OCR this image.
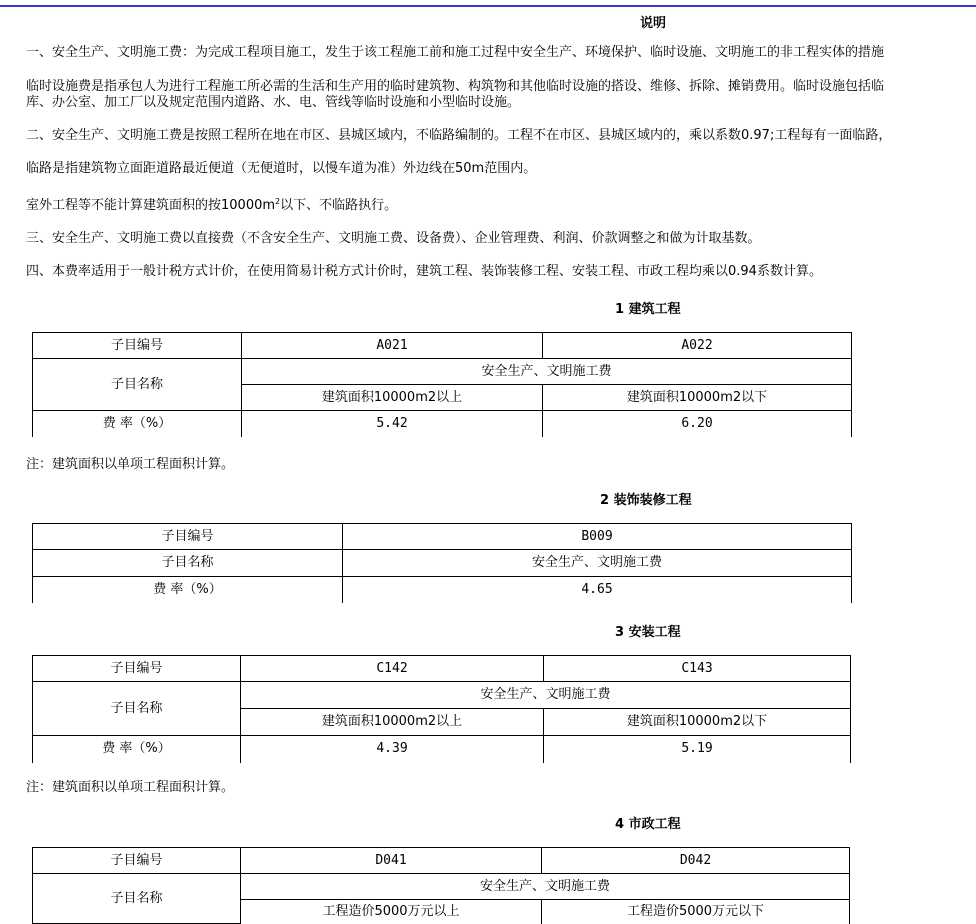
说明
一、安全生产、文明施工费：为完成工程项目施工，发生于该工程施工前和施工过程中安全生产、环境保护、临时设施、文明施工的非工程实体的措施
临时设施费是指承包人为进行工程施工所必需的生活和生产用的临时建筑物、构筑物和其他临时设施的搭设、维修、拆除、摊销费用。临时设施包括临
库、办公室、加工厂以及规定范围内道路、水、电、管线等临时设施和小型临时设施。
二、安全生产、文明施工费是按照工程所在地在市区、县城区域内，不临路编制的。工程不在市区、县城区域内的，乘以系数0.97;工程每有一面临路，
临路是指建筑物立面距道路最近便道（无便道时，以慢车道为准）外边线在50m范围内。
室外工程等不能计算建筑面积的按$10000m^2$以下、不临路执行。
三、安全生产、文明施工费以直接费（不含安全生产、文明施工费、设备费）、企业管理费、利润、价款调整之和做为计取基数。
四、本费率适用于一般计税方式计价，在使用简易计税方式计价时，建筑工程、装饰装修工程、安装工程、市政工程均乘以0.94系数计算。
1 建筑工程
子目编号	A021	A022
子目名称	安全生产、文明施工费	
	建筑面积10000m2以上	建筑面积10000m2以下
费 率（%）	5.42	6.20
注：建筑面积以单项工程面积计算。
2 装饰装修工程
子目编号	B009
子目名称	安全生产、文明施工费
费 率（%）	4.65
3 安装工程
子目编号	C142	C143
子目名称	安全生产、文明施工费	
	建筑面积10000m2以上	建筑面积10000m2以下
费 率（%）	4.39	5.19
注：建筑面积以单项工程面积计算。
4 市政工程
子目编号	D041	D042
子目名称	安全生产、文明施工费	
	工程造价5000万元以上	工程造价5000万元以下
